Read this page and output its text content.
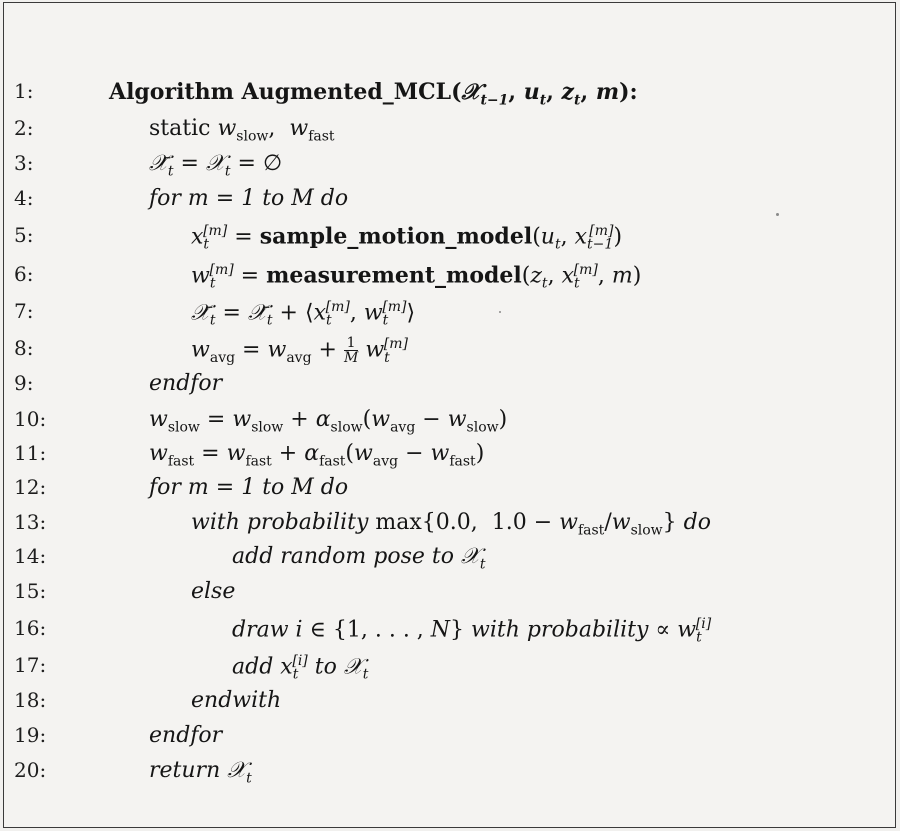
1:	Algorithm Augmented_MCL(𝒳$_{t-1}$, $u_t$, $z_t$, m):
2:	static $w_{slow}$,  $w_{fast}$
3:	$𝒳̄_t$ = 𝒳$_t$ = ∅
4:	for m = 1 to M do
5:	$x_t[m]$ = $sample\_motion\_model(u_t$, $x_{t-1}[m]$)
6:	$w_t[m]$ = $measurement\_model(z_t$, $x_t[m]$, m)
7:	$𝒳̄_t$ = $𝒳̄_t$ + $⟨x_t[m]$, $w_t[m]⟩$
8:	$w_{avg} = w_{avg} + \frac{1}{M} w_t[m]$
9:	endfor
10:	$w_{slow} = w_{slow} + \alpha_{slow}(w_{avg} - w_{slow})$
11:	$w_{fast} = w_{fast} + \alpha_{fast}(w_{avg} - w_{fast})$
12:	for m = 1 to M do
13:	with probability max{0.0,  $1.0 - w_{fast}/w_{slow}$} do
14:	add random pose to 𝒳$_t$
15:	else
16:	draw i ∈ {1, . . . , N} with probability ∝ $w_t[i]$
17:	add $x_t[i]$ to 𝒳$_t$
18:	endwith
19:	endfor
20:	return 𝒳$_t$
